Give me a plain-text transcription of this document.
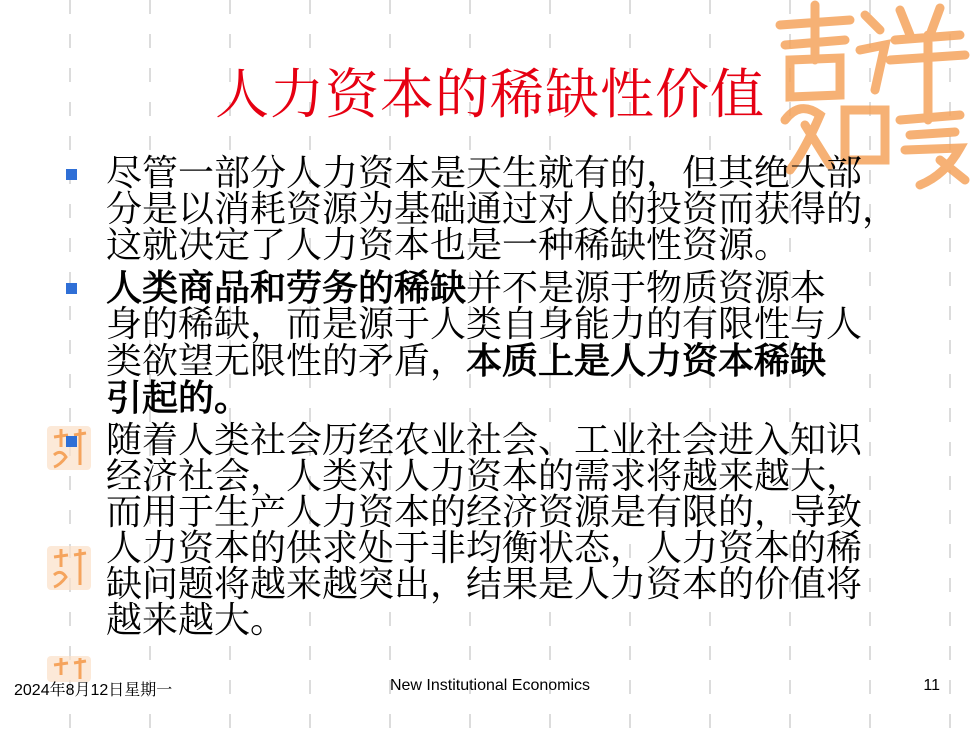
人力资本的稀缺性价值
尽管一部分人力资本是天生就有的，但其绝大部
分是以消耗资源为基础通过对人的投资而获得的，
这就决定了人力资本也是一种稀缺性资源。
人类商品和劳务的稀缺并不是源于物质资源本
身的稀缺，而是源于人类自身能力的有限性与人
类欲望无限性的矛盾，本质上是人力资本稀缺
引起的。
随着人类社会历经农业社会、工业社会进入知识
经济社会，人类对人力资本的需求将越来越大，
而用于生产人力资本的经济资源是有限的，导致
人力资本的供求处于非均衡状态，人力资本的稀
缺问题将越来越突出，结果是人力资本的价值将
越来越大。
2024年8月12日星期一	New Institutional Economics	11
